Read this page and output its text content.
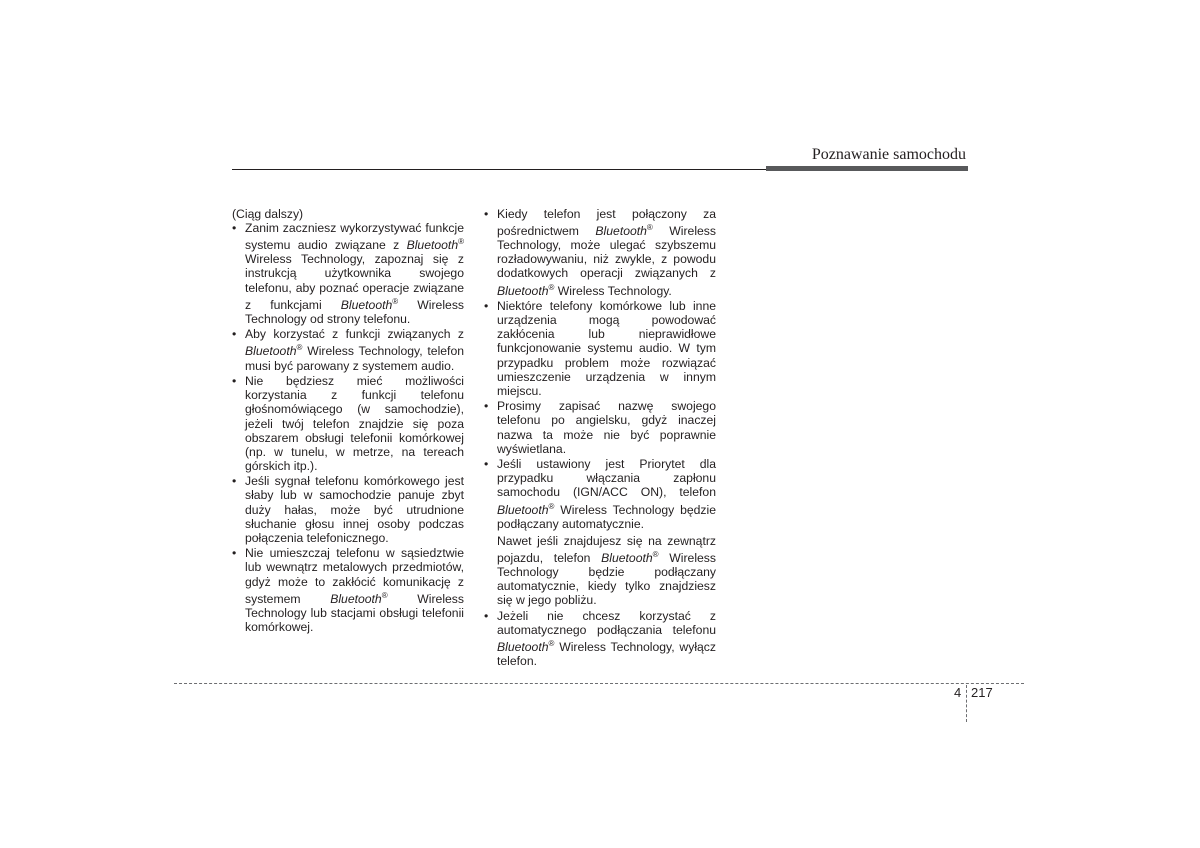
Poznawanie samochodu

(Ciąg dalszy)

• Zanim zaczniesz wykorzystywać funkcje systemu audio związane z Bluetooth® Wireless Technology, zapoznaj się z instrukcją użytkownika swojego telefonu, aby poznać operacje związane z funkcjami Bluetooth® Wireless Technology od strony telefonu.
• Aby korzystać z funkcji związanych z Bluetooth® Wireless Technology, telefon musi być parowany z systemem audio.
• Nie będziesz mieć możliwości korzystania z funkcji telefonu głośnomówiącego (w samochodzie), jeżeli twój telefon znajdzie się poza obszarem obsługi telefonii komórkowej (np. w tunelu, w metrze, na tereach górskich itp.).
• Jeśli sygnał telefonu komórkowego jest słaby lub w samochodzie panuje zbyt duży hałas, może być utrudnione słuchanie głosu innej osoby podczas połączenia telefonicznego.
• Nie umieszczaj telefonu w sąsiedztwie lub wewnątrz metalowych przedmiotów, gdyż może to zakłócić komunikację z systemem Bluetooth® Wireless Technology lub stacjami obsługi telefonii komórkowej.
• Kiedy telefon jest połączony za pośrednictwem Bluetooth® Wireless Technology, może ulegać szybszemu rozładowywaniu, niż zwykle, z powodu dodatkowych operacji związanych z Bluetooth® Wireless Technology.
• Niektóre telefony komórkowe lub inne urządzenia mogą powodować zakłócenia lub nieprawidłowe funkcjonowanie systemu audio. W tym przypadku problem może rozwiązać umieszczenie urządzenia w innym miejscu.
• Prosimy zapisać nazwę swojego telefonu po angielsku, gdyż inaczej nazwa ta może nie być poprawnie wyświetlana.
• Jeśli ustawiony jest Priorytet dla przypadku włączania zapłonu samochodu (IGN/ACC ON), telefon Bluetooth® Wireless Technology będzie podłączany automatycznie.
Nawet jeśli znajdujesz się na zewnątrz pojazdu, telefon Bluetooth® Wireless Technology będzie podłączany automatycznie, kiedy tylko znajdziesz się w jego pobliżu.
• Jeżeli nie chcesz korzystać z automatycznego podłączania telefonu Bluetooth® Wireless Technology, wyłącz telefon.
4 217
